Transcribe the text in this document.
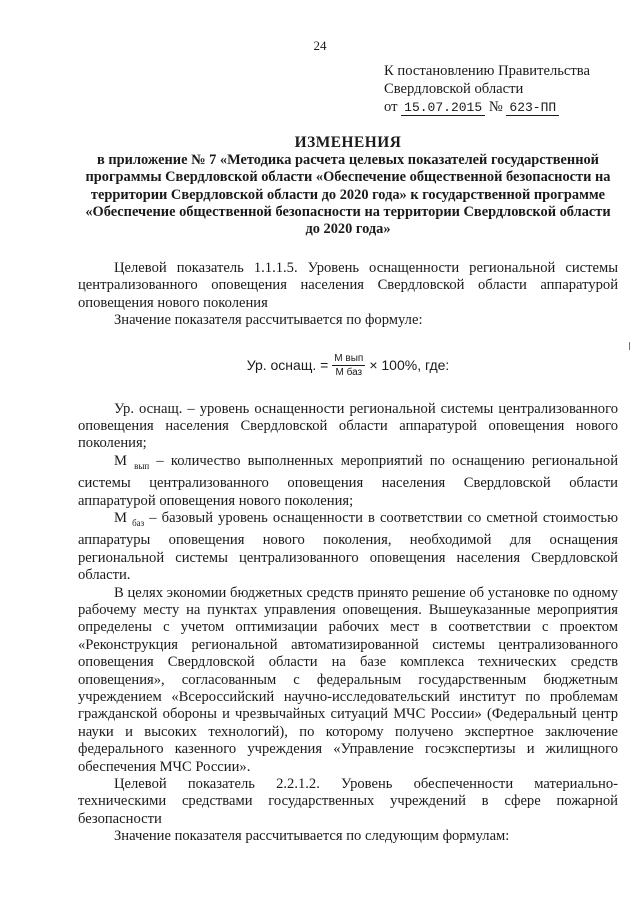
24
К постановлению Правительства
Свердловской области
от 15.07.2015 № 623-ПП
ИЗМЕНЕНИЯ
в приложение № 7 «Методика расчета целевых показателей государственной программы Свердловской области «Обеспечение общественной безопасности на территории Свердловской области до 2020 года» к государственной программе «Обеспечение общественной безопасности на территории Свердловской области до 2020 года»

Целевой показатель 1.1.1.5. Уровень оснащенности региональной системы централизованного оповещения населения Свердловской области аппаратурой оповещения нового поколения

Значение показателя рассчитывается по формуле:

Ур. оснащ. = $\frac{\text{М вып}}{\text{М баз}} \times 100\%$, где:

Ур. оснащ. – уровень оснащенности региональной системы централизованного оповещения населения Свердловской области аппаратурой оповещения нового поколения;

М $_{вып}$ – количество выполненных мероприятий по оснащению региональной системы централизованного оповещения населения Свердловской области аппаратурой оповещения нового поколения;

М $_{баз}$ – базовый уровень оснащенности в соответствии со сметной стоимостью аппаратуры оповещения нового поколения, необходимой для оснащения региональной системы централизованного оповещения населения Свердловской области.

В целях экономии бюджетных средств принято решение об установке по одному рабочему месту на пунктах управления оповещения. Вышеуказанные мероприятия определены с учетом оптимизации рабочих мест в соответствии с проектом «Реконструкция региональной автоматизированной системы централизованного оповещения Свердловской области на базе комплекса технических средств оповещения», согласованным с федеральным государственным бюджетным учреждением «Всероссийский научно-исследовательский институт по проблемам гражданской обороны и чрезвычайных ситуаций МЧС России» (Федеральный центр науки и высоких технологий), по которому получено экспертное заключение федерального казенного учреждения «Управление госэкспертизы и жилищного обеспечения МЧС России».

Целевой показатель 2.2.1.2. Уровень обеспеченности материально-техническими средствами государственных учреждений в сфере пожарной безопасности

Значение показателя рассчитывается по следующим формулам:
